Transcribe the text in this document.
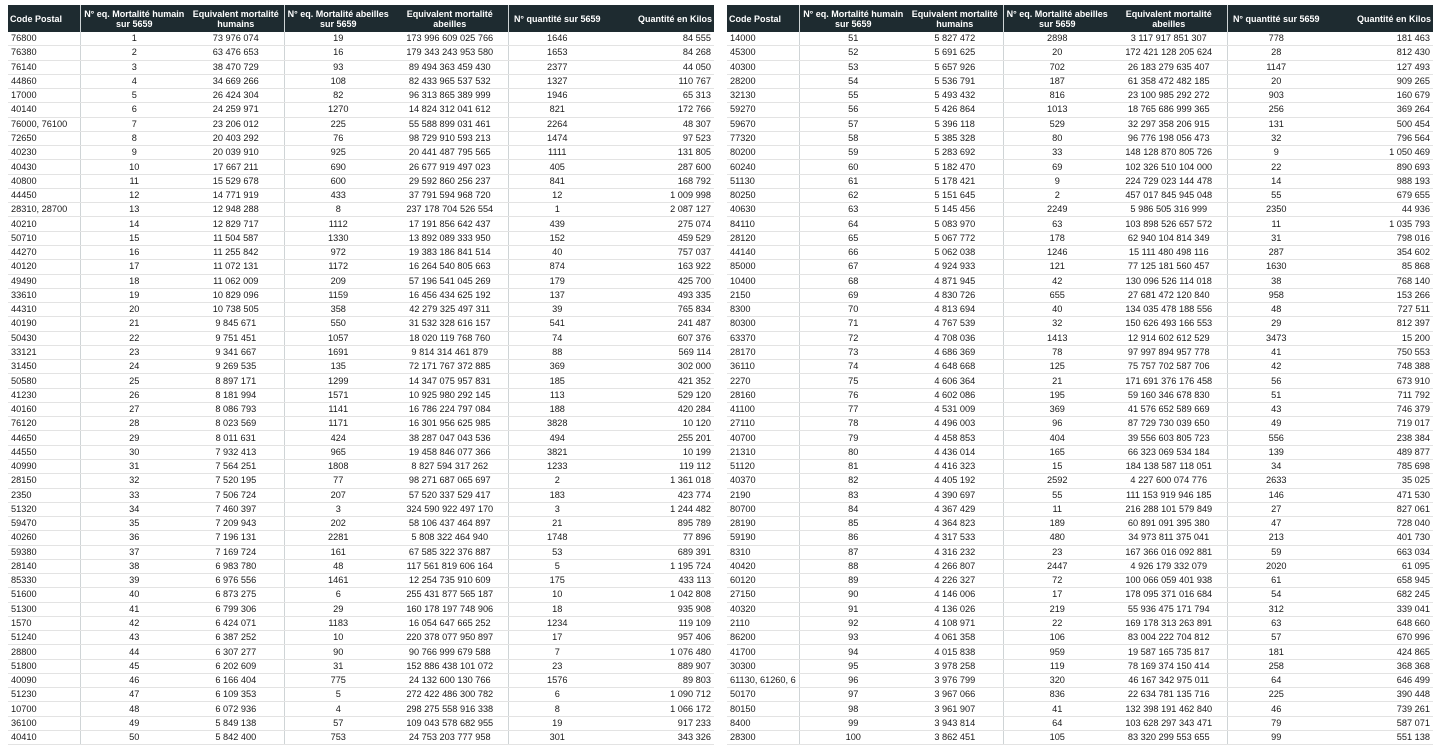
Code Postal	N° eq. Mortalité humain sur 5659	Equivalent mortalité humains	N° eq. Mortalité abeilles sur 5659	Equivalent mortalité abeilles	N° quantité sur 5659	Quantité en Kilos
76800	1	73 976 074	19	173 996 609 025 766	1646	84 555
76380	2	63 476 653	16	179 343 243 953 580	1653	84 268
76140	3	38 470 729	93	89 494 363 459 430	2377	44 050
44860	4	34 669 266	108	82 433 965 537 532	1327	110 767
17000	5	26 424 304	82	96 313 865 389 999	1946	65 313
40140	6	24 259 971	1270	14 824 312 041 612	821	172 766
76000, 76100	7	23 206 012	225	55 588 899 031 461	2264	48 307
72650	8	20 403 292	76	98 729 910 593 213	1474	97 523
40230	9	20 039 910	925	20 441 487 795 565	1111	131 805
40430	10	17 667 211	690	26 677 919 497 023	405	287 600
40800	11	15 529 678	600	29 592 860 256 237	841	168 792
44450	12	14 771 919	433	37 791 594 968 720	12	1 009 998
28310, 28700	13	12 948 288	8	237 178 704 526 554	1	2 087 127
40210	14	12 829 717	1112	17 191 856 642 437	439	275 074
50710	15	11 504 587	1330	13 892 089 333 950	152	459 529
44270	16	11 255 842	972	19 383 186 841 514	40	757 037
40120	17	11 072 131	1172	16 264 540 805 663	874	163 922
49490	18	11 062 009	209	57 196 541 045 269	179	425 700
33610	19	10 829 096	1159	16 456 434 625 192	137	493 335
44310	20	10 738 505	358	42 279 325 497 311	39	765 834
40190	21	9 845 671	550	31 532 328 616 157	541	241 487
50430	22	9 751 451	1057	18 020 119 768 760	74	607 376
33121	23	9 341 667	1691	9 814 314 461 879	88	569 114
31450	24	9 269 535	135	72 171 767 372 885	369	302 000
50580	25	8 897 171	1299	14 347 075 957 831	185	421 352
41230	26	8 181 994	1571	10 925 980 292 145	113	529 120
40160	27	8 086 793	1141	16 786 224 797 084	188	420 284
76120	28	8 023 569	1171	16 301 956 625 985	3828	10 120
44650	29	8 011 631	424	38 287 047 043 536	494	255 201
44550	30	7 932 413	965	19 458 846 077 366	3821	10 199
40990	31	7 564 251	1808	8 827 594 317 262	1233	119 112
28150	32	7 520 195	77	98 271 687 065 697	2	1 361 018
2350	33	7 506 724	207	57 520 337 529 417	183	423 774
51320	34	7 460 397	3	324 590 922 497 170	3	1 244 482
59470	35	7 209 943	202	58 106 437 464 897	21	895 789
40260	36	7 196 131	2281	5 808 322 464 940	1748	77 896
59380	37	7 169 724	161	67 585 322 376 887	53	689 391
28140	38	6 983 780	48	117 561 819 606 164	5	1 195 724
85330	39	6 976 556	1461	12 254 735 910 609	175	433 113
51600	40	6 873 275	6	255 431 877 565 187	10	1 042 808
51300	41	6 799 306	29	160 178 197 748 906	18	935 908
1570	42	6 424 071	1183	16 054 647 665 252	1234	119 109
51240	43	6 387 252	10	220 378 077 950 897	17	957 406
28800	44	6 307 277	90	90 766 999 679 588	7	1 076 480
51800	45	6 202 609	31	152 886 438 101 072	23	889 907
40090	46	6 166 404	775	24 132 600 130 766	1576	89 803
51230	47	6 109 353	5	272 422 486 300 782	6	1 090 712
10700	48	6 072 936	4	298 275 558 916 338	8	1 066 172
36100	49	5 849 138	57	109 043 578 682 955	19	917 233
40410	50	5 842 400	753	24 753 203 777 958	301	343 326
Code Postal	N° eq. Mortalité humain sur 5659	Equivalent mortalité humains	N° eq. Mortalité abeilles sur 5659	Equivalent mortalité abeilles	N° quantité sur 5659	Quantité en Kilos
14000	51	5 827 472	2898	3 117 917 851 307	778	181 463
45300	52	5 691 625	20	172 421 128 205 624	28	812 430
40300	53	5 657 926	702	26 183 279 635 407	1147	127 493
28200	54	5 536 791	187	61 358 472 482 185	20	909 265
32130	55	5 493 432	816	23 100 985 292 272	903	160 679
59270	56	5 426 864	1013	18 765 686 999 365	256	369 264
59670	57	5 396 118	529	32 297 358 206 915	131	500 454
77320	58	5 385 328	80	96 776 198 056 473	32	796 564
80200	59	5 283 692	33	148 128 870 805 726	9	1 050 469
60240	60	5 182 470	69	102 326 510 104 000	22	890 693
51130	61	5 178 421	9	224 729 023 144 478	14	988 193
80250	62	5 151 645	2	457 017 845 945 048	55	679 655
40630	63	5 145 456	2249	5 986 505 316 999	2350	44 936
84110	64	5 083 970	63	103 898 526 657 572	11	1 035 793
28120	65	5 067 772	178	62 940 104 814 349	31	798 016
44140	66	5 062 038	1246	15 111 480 498 116	287	354 602
85000	67	4 924 933	121	77 125 181 560 457	1630	85 868
10400	68	4 871 945	42	130 096 526 114 018	38	768 140
2150	69	4 830 726	655	27 681 472 120 840	958	153 266
8300	70	4 813 694	40	134 035 478 188 556	48	727 511
80300	71	4 767 539	32	150 626 493 166 553	29	812 397
63370	72	4 708 036	1413	12 914 602 612 529	3473	15 200
28170	73	4 686 369	78	97 997 894 957 778	41	750 553
36110	74	4 648 668	125	75 757 702 587 706	42	748 388
2270	75	4 606 364	21	171 691 376 176 458	56	673 910
28160	76	4 602 086	195	59 160 346 678 830	51	711 792
41100	77	4 531 009	369	41 576 652 589 669	43	746 379
27110	78	4 496 003	96	87 729 730 039 650	49	719 017
40700	79	4 458 853	404	39 556 603 805 723	556	238 384
21310	80	4 436 014	165	66 323 069 534 184	139	489 877
51120	81	4 416 323	15	184 138 587 118 051	34	785 698
40370	82	4 405 192	2592	4 227 600 074 776	2633	35 025
2190	83	4 390 697	55	111 153 919 946 185	146	471 530
80700	84	4 367 429	11	216 288 101 579 849	27	827 061
28190	85	4 364 823	189	60 891 091 395 380	47	728 040
59190	86	4 317 533	480	34 973 811 375 041	213	401 730
8310	87	4 316 232	23	167 366 016 092 881	59	663 034
40420	88	4 266 807	2447	4 926 179 332 079	2020	61 095
60120	89	4 226 327	72	100 066 059 401 938	61	658 945
27150	90	4 146 006	17	178 095 371 016 684	54	682 245
40320	91	4 136 026	219	55 936 475 171 794	312	339 041
2110	92	4 108 971	22	169 178 313 263 891	63	648 660
86200	93	4 061 358	106	83 004 222 704 812	57	670 996
41700	94	4 015 838	959	19 587 165 735 817	181	424 865
30300	95	3 978 258	119	78 169 374 150 414	258	368 368
61130, 61260, 6	96	3 976 799	320	46 167 342 975 011	64	646 499
50170	97	3 967 066	836	22 634 781 135 716	225	390 448
80150	98	3 961 907	41	132 398 191 462 840	46	739 261
8400	99	3 943 814	64	103 628 297 343 471	79	587 071
28300	100	3 862 451	105	83 320 299 553 655	99	551 138
